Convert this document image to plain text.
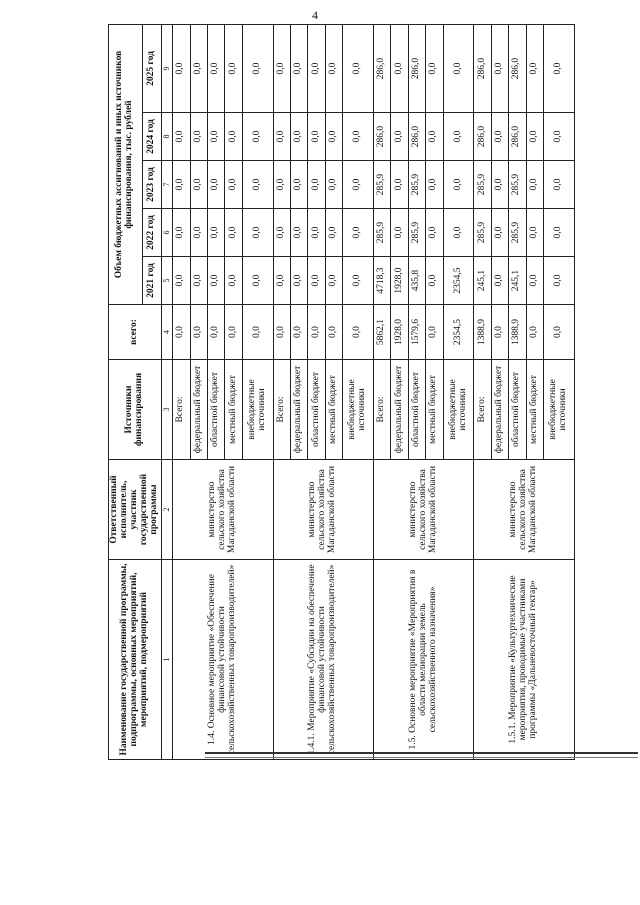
4
Наименование государственной программы, подпрограммы, основных мероприятий, мероприятий, подмероприятий	Ответственный исполнитель, участник государственной программы	Источники финансирования	всего:	Объем бюджетных ассигнований и иных источников финансирования, тыс. рублей				
				2021 год	2022 год	2023 год	2024 год	2025 год
1	2	3	4	5	6	7	8	9
1.4. Основное мероприятие «Обеспечение финансовой устойчивости сельскохозяйственных товаропроизводителей»	министерство сельского хозяйства Магаданской области	Всего:	0,0	0,0	0,0	0,0	0,0	0,0
		федеральный бюджет	0,0	0,0	0,0	0,0	0,0	0,0
		областной бюджет	0,0	0,0	0,0	0,0	0,0	0,0
		местный бюджет	0,0	0,0	0,0	0,0	0,0	0,0
		внебюджетные источники	0,0	0,0	0,0	0,0	0,0	0,0
1.4.1. Мероприятие «Субсидии на обеспечение финансовой устойчивости сельскохозяйственных товаропроизводителей»	министерство сельского хозяйства Магаданской области	Всего:	0,0	0,0	0,0	0,0	0,0	0,0
		федеральный бюджет	0,0	0,0	0,0	0,0	0,0	0,0
		областной бюджет	0,0	0,0	0,0	0,0	0,0	0,0
		местный бюджет	0,0	0,0	0,0	0,0	0,0	0,0
		внебюджетные источники	0,0	0,0	0,0	0,0	0,0	0,0
1.5. Основное мероприятие «Мероприятия в области мелиорации земель сельскохозяйственного назначения»	министерство сельского хозяйства Магаданской области	Всего:	5862,1	4718,3	285,9	285,9	286,0	286,0
		федеральный бюджет	1928,0	1928,0	0,0	0,0	0,0	0,0
		областной бюджет	1579,6	435,8	285,9	285,9	286,0	286,0
		местный бюджет	0,0	0,0	0,0	0,0	0,0	0,0
		внебюджетные источники	2354,5	2354,5	0,0	0,0	0,0	0,0
1.5.1. Мероприятие «Культуртехнические мероприятия, проводимые участниками программы «Дальневосточный гектар»	министерство сельского хозяйства Магаданской области	Всего:	1388,9	245,1	285,9	285,9	286,0	286,0
		федеральный бюджет	0,0	0,0	0,0	0,0	0,0	0,0
		областной бюджет	1388,9	245,1	285,9	285,9	286,0	286,0
		местный бюджет	0,0	0,0	0,0	0,0	0,0	0,0
		внебюджетные источники	0,0	0,0	0,0	0,0	0,0	0,0
